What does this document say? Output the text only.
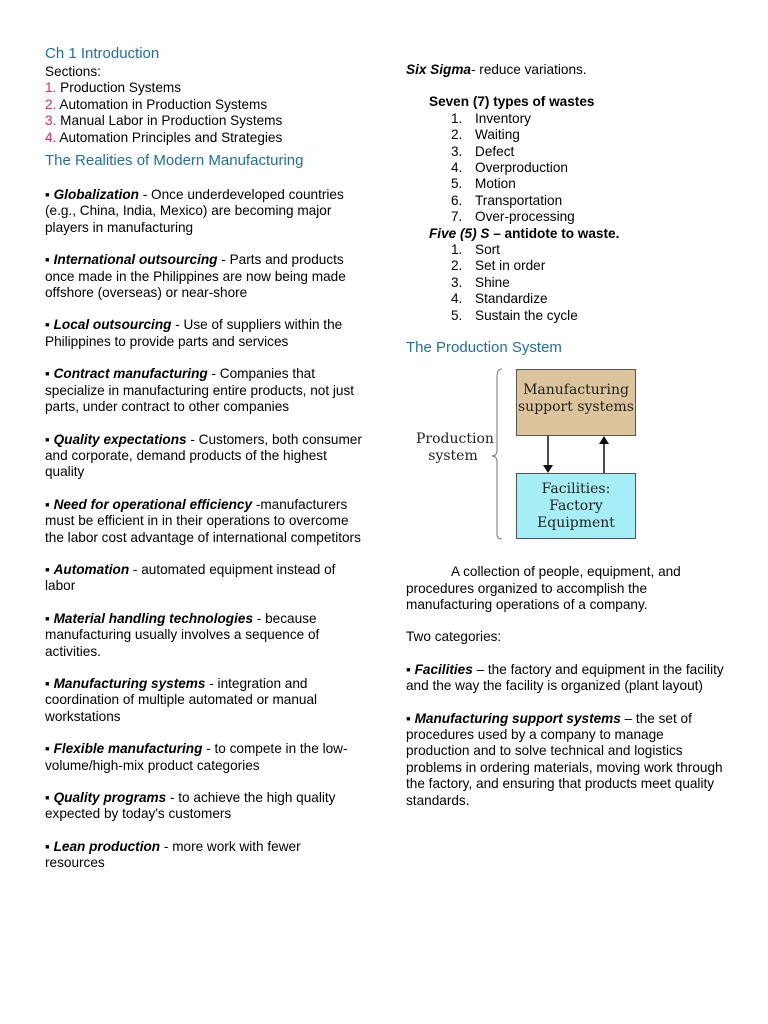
Ch 1 Introduction
Sections:
1. Production Systems
2. Automation in Production Systems
3. Manual Labor in Production Systems
4. Automation Principles and Strategies
The Realities of Modern Manufacturing

▪ Globalization - Once underdeveloped countries (e.g., China, India, Mexico) are becoming major players in manufacturing

▪ International outsourcing - Parts and products once made in the Philippines are now being made offshore (overseas) or near-shore

▪ Local outsourcing - Use of suppliers within the Philippines to provide parts and services

▪ Contract manufacturing - Companies that specialize in manufacturing entire products, not just parts, under contract to other companies

▪ Quality expectations - Customers, both consumer and corporate, demand products of the highest quality

▪ Need for operational efficiency -manufacturers must be efficient in in their operations to overcome the labor cost advantage of international competitors

▪ Automation - automated equipment instead of labor

▪ Material handling technologies - because manufacturing usually involves a sequence of activities.

▪ Manufacturing systems - integration and coordination of multiple automated or manual workstations

▪ Flexible manufacturing - to compete in the low-volume/high-mix product categories

▪ Quality programs - to achieve the high quality expected by today's customers

▪ Lean production - more work with fewer resources

Six Sigma- reduce variations.

Seven (7) types of wastes
1. Inventory
2. Waiting
3. Defect
4. Overproduction
5. Motion
6. Transportation
7. Over-processing
Five (5) S – antidote to waste.
1. Sort
2. Set in order
3. Shine
4. Standardize
5. Sustain the cycle
The Production System
Production
system
Manufacturing
support systems
Facilities:
Factory
Equipment

A collection of people, equipment, and procedures organized to accomplish the manufacturing operations of a company.

Two categories:

▪ Facilities – the factory and equipment in the facility and the way the facility is organized (plant layout)

▪ Manufacturing support systems – the set of procedures used by a company to manage production and to solve technical and logistics problems in ordering materials, moving work through the factory, and ensuring that products meet quality standards.
